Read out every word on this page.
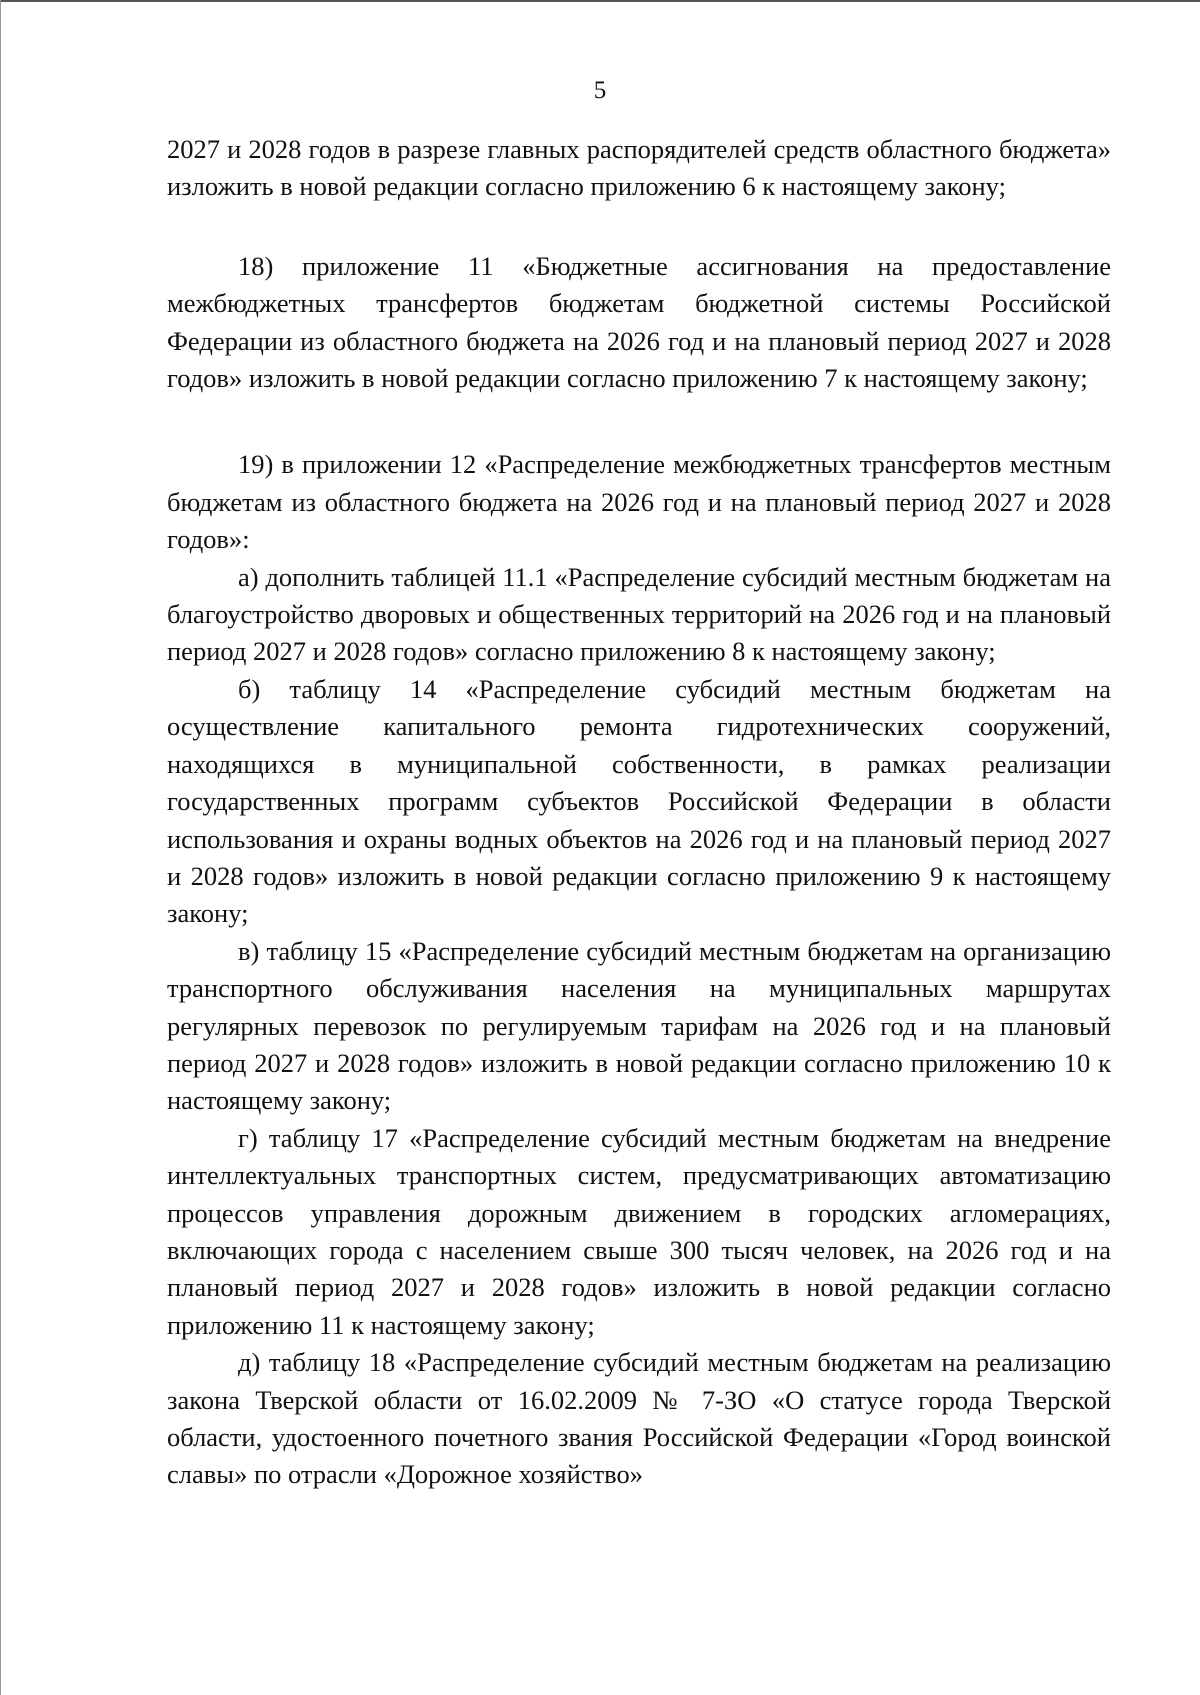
5

2027 и 2028 годов в разрезе главных распорядителей средств областного бюджета» изложить в новой редакции согласно приложению 6 к настоящему закону;

18) приложение 11 «Бюджетные ассигнования на предоставление межбюджетных трансфертов бюджетам бюджетной системы Российской Федерации из областного бюджета на 2026 год и на плановый период 2027 и 2028 годов» изложить в новой редакции согласно приложению 7 к настоящему закону;

19) в приложении 12 «Распределение межбюджетных трансфертов местным бюджетам из областного бюджета на 2026 год и на плановый период 2027 и 2028 годов»:

а) дополнить таблицей 11.1 «Распределение субсидий местным бюджетам на благоустройство дворовых и общественных территорий на 2026 год и на плановый период 2027 и 2028 годов» согласно приложению 8 к настоящему закону;

б) таблицу 14 «Распределение субсидий местным бюджетам на осуществление капитального ремонта гидротехнических сооружений, находящихся в муниципальной собственности, в рамках реализации государственных программ субъектов Российской Федерации в области использования и охраны водных объектов на 2026 год и на плановый период 2027 и 2028 годов» изложить в новой редакции согласно приложению 9 к настоящему закону;

в) таблицу 15 «Распределение субсидий местным бюджетам на организацию транспортного обслуживания населения на муниципальных маршрутах регулярных перевозок по регулируемым тарифам на 2026 год и на плановый период 2027 и 2028 годов» изложить в новой редакции согласно приложению 10 к настоящему закону;

г) таблицу 17 «Распределение субсидий местным бюджетам на внедрение интеллектуальных транспортных систем, предусматривающих автоматизацию процессов управления дорожным движением в городских агломерациях, включающих города с населением свыше 300 тысяч человек, на 2026 год и на плановый период 2027 и 2028 годов» изложить в новой редакции согласно приложению 11 к настоящему закону;

д) таблицу 18 «Распределение субсидий местным бюджетам на реализацию закона Тверской области от 16.02.2009 № 7-ЗО «О статусе города Тверской области, удостоенного почетного звания Российской Федерации «Город воинской славы» по отрасли «Дорожное хозяйство»
